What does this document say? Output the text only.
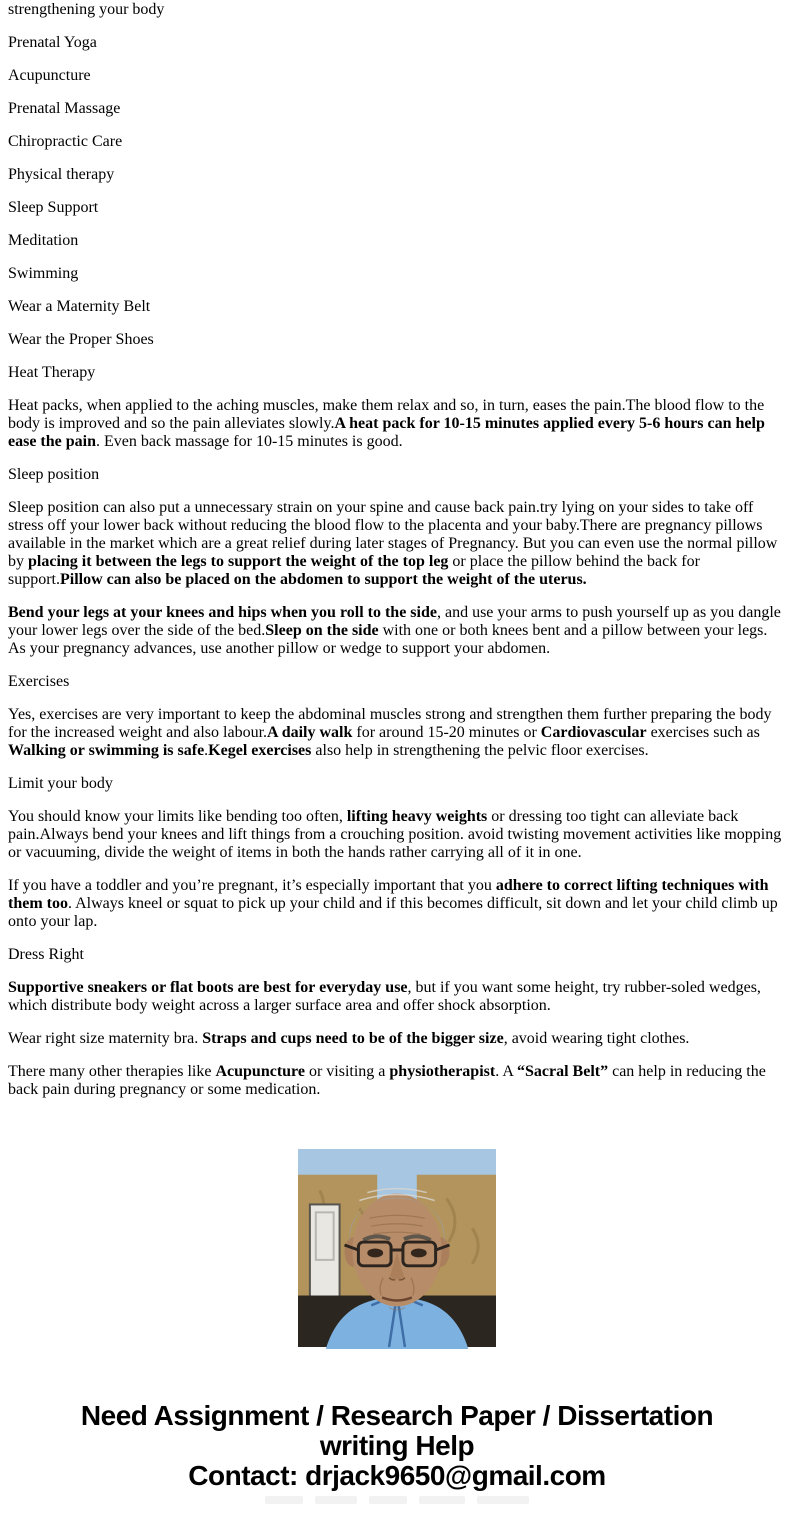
strengthening your body

Prenatal Yoga

Acupuncture

Prenatal Massage

Chiropractic Care

Physical therapy

Sleep Support

Meditation

Swimming

Wear a Maternity Belt

Wear the Proper Shoes

Heat Therapy

Heat packs, when applied to the aching muscles, make them relax and so, in turn, eases the pain.The blood flow to the body is improved and so the pain alleviates slowly.A heat pack for 10-15 minutes applied every 5-6 hours can help ease the pain. Even back massage for 10-15 minutes is good.

Sleep position

Sleep position can also put a unnecessary strain on your spine and cause back pain.try lying on your sides to take off stress off your lower back without reducing the blood flow to the placenta and your baby.There are pregnancy pillows available in the market which are a great relief during later stages of Pregnancy. But you can even use the normal pillow by placing it between the legs to support the weight of the top leg or place the pillow behind the back for support.Pillow can also be placed on the abdomen to support the weight of the uterus.

Bend your legs at your knees and hips when you roll to the side, and use your arms to push yourself up as you dangle your lower legs over the side of the bed.Sleep on the side with one or both knees bent and a pillow between your legs. As your pregnancy advances, use another pillow or wedge to support your abdomen.

Exercises

Yes, exercises are very important to keep the abdominal muscles strong and strengthen them further preparing the body for the increased weight and also labour.A daily walk for around 15-20 minutes or Cardiovascular exercises such as Walking or swimming is safe.Kegel exercises also help in strengthening the pelvic floor exercises.

Limit your body

You should know your limits like bending too often, lifting heavy weights or dressing too tight can alleviate back pain.Always bend your knees and lift things from a crouching position. avoid twisting movement activities like mopping or vacuuming, divide the weight of items in both the hands rather carrying all of it in one.

If you have a toddler and you’re pregnant, it’s especially important that you adhere to correct lifting techniques with them too. Always kneel or squat to pick up your child and if this becomes difficult, sit down and let your child climb up onto your lap.

Dress Right

Supportive sneakers or flat boots are best for everyday use, but if you want some height, try rubber-soled wedges, which distribute body weight across a larger surface area and offer shock absorption.

Wear right size maternity bra. Straps and cups need to be of the bigger size, avoid wearing tight clothes.

There many other therapies like Acupuncture or visiting a physiotherapist. A “Sacral Belt” can help in reducing the back pain during pregnancy or some medication.

Need Assignment / Research Paper / Dissertation
writing Help
Contact: drjack9650@gmail.com
